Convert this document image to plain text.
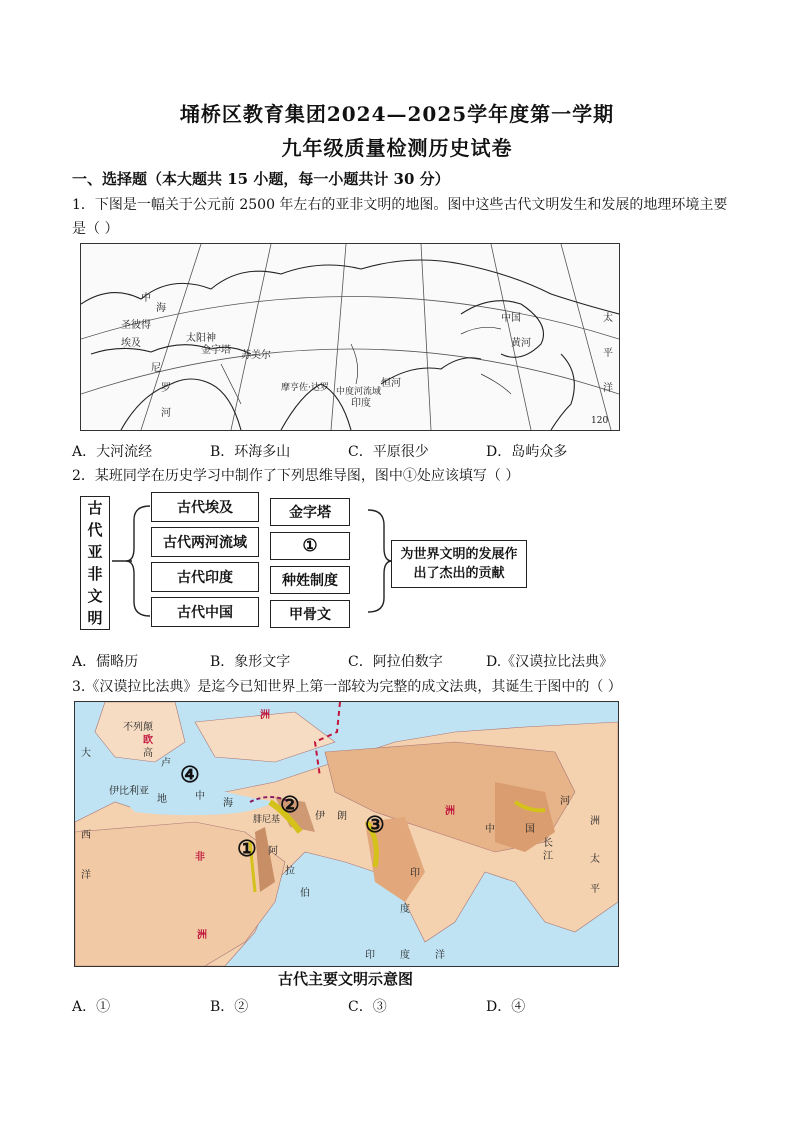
埇桥区教育集团2024—2025学年度第一学期
九年级质量检测历史试卷
一、选择题（本大题共 15 小题，每一小题共计 30 分）
1．下图是一幅关于公元前 2500 年左右的亚非文明的地图。图中这些古代文明发生和发展的地理环境主要是（ ）
中
海
圣彼得
埃及
尼
罗
河
太阳神
金字塔 苏美尔
印度
恒河
中国
黄河
太
平
洋
摩亨佐·达罗 中度河流域
120
A．大河流经	B．环海多山	C．平原很少	D．岛屿众多
2．某班同学在历史学习中制作了下列思维导图，图中①处应该填写（ ）
古代亚非文明
古代埃及
古代两河流域
古代印度
古代中国
金字塔
①
种姓制度
甲骨文
为世界文明的发展作出了杰出的贡献
A．儒略历	B．象形文字	C．阿拉伯数字	D.《汉谟拉比法典》
3.《汉谟拉比法典》是迄今已知世界上第一部较为完整的成文法典，其诞生于图中的（ ）
不列颠
欧
洲
高
卢
伊比利亚
大
西
洋
地	中
海
腓尼基
阿
拉
伯
伊 朗
印
度
洲
中	国
太
平
非
洲
印	度	洋
洲
河
长
江
①
②
③
④
古代主要文明示意图
A．①	B．②	C．③	D．④
